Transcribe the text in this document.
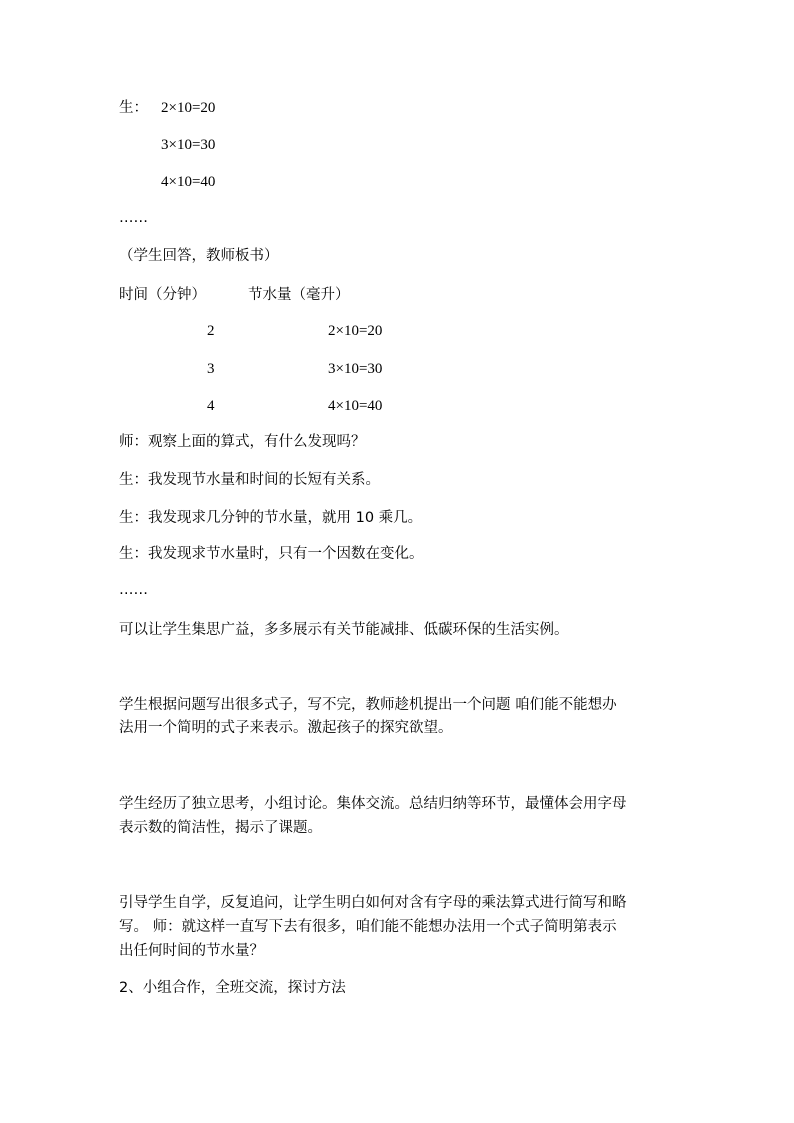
生： 2×10=20
3×10=30
4×10=40
……
（学生回答，教师板书）
时间（分钟）	节水量（毫升）
2	2×10=20
3	3×10=30
4	4×10=40
师：观察上面的算式，有什么发现吗？
生：我发现节水量和时间的长短有关系。
生：我发现求几分钟的节水量，就用 10 乘几。
生：我发现求节水量时，只有一个因数在变化。
……
可以让学生集思广益，多多展示有关节能减排、低碳环保的生活实例。
学生根据问题写出很多式子，写不完，教师趁机提出一个问题 咱们能不能想办
法用一个简明的式子来表示。激起孩子的探究欲望。
学生经历了独立思考，小组讨论。集体交流。总结归纳等环节，最懂体会用字母
表示数的简洁性，揭示了课题。
引导学生自学，反复追问，让学生明白如何对含有字母的乘法算式进行简写和略
写。 师：就这样一直写下去有很多，咱们能不能想办法用一个式子简明第表示
出任何时间的节水量？
2、小组合作，全班交流，探讨方法
